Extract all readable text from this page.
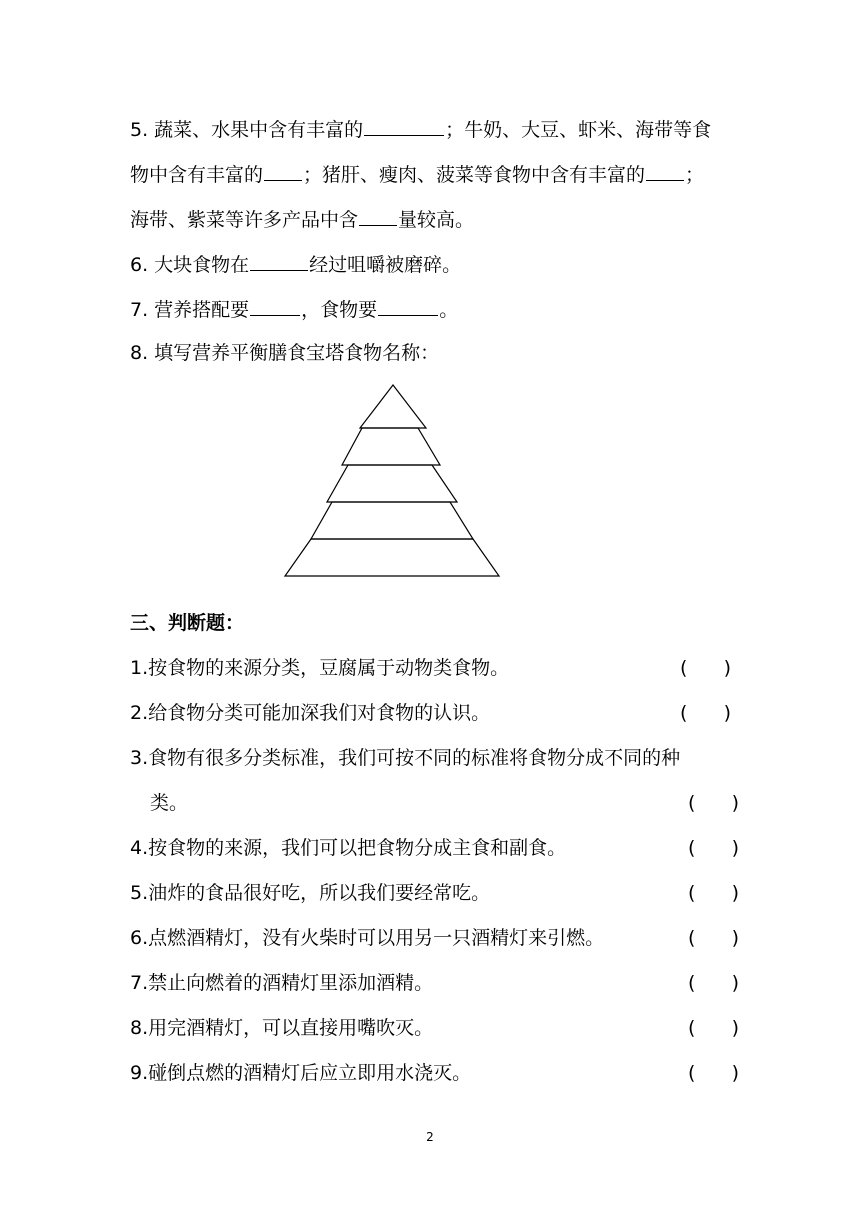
5. 蔬菜、水果中含有丰富的	；牛奶、大豆、虾米、海带等食
物中含有丰富的 ；猪肝、瘦肉、菠菜等食物中含有丰富的 ；
海带、紫菜等许多产品中含 量较高。
6. 大块食物在	经过咀嚼被磨碎。
7. 营养搭配要	，食物要	。
8. 填写营养平衡膳食宝塔食物名称：
三、判断题：
1.按食物的来源分类，豆腐属于动物类食物。	(      )
2.给食物分类可能加深我们对食物的认识。	(      )
3.食物有很多分类标准，我们可按不同的标准将食物分成不同的种
类。	(      )
4.按食物的来源，我们可以把食物分成主食和副食。	(      )
5.油炸的食品很好吃，所以我们要经常吃。	(      )
6.点燃酒精灯，没有火柴时可以用另一只酒精灯来引燃。	(      )
7.禁止向燃着的酒精灯里添加酒精。	(      )
8.用完酒精灯，可以直接用嘴吹灭。	(      )
9.碰倒点燃的酒精灯后应立即用水浇灭。	(      )
2
